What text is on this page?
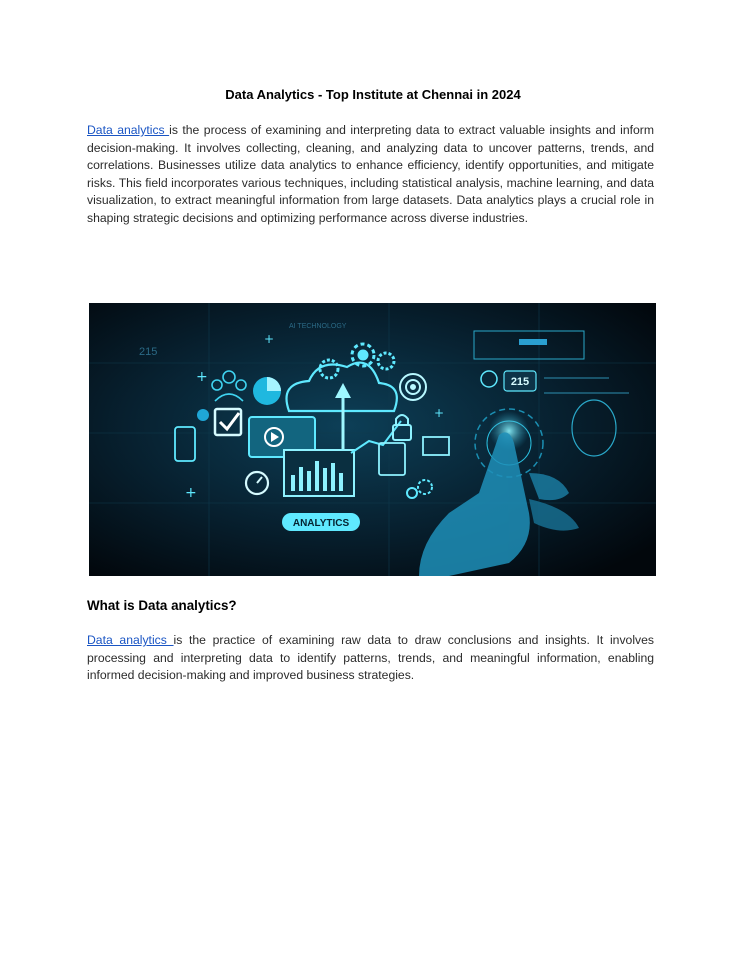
Data Analytics - Top Institute at Chennai in 2024
Data analytics is the process of examining and interpreting data to extract valuable insights and inform decision-making. It involves collecting, cleaning, and analyzing data to uncover patterns, trends, and correlations. Businesses utilize data analytics to enhance efficiency, identify opportunities, and mitigate risks. This field incorporates various techniques, including statistical analysis, machine learning, and data visualization, to extract meaningful information from large datasets. Data analytics plays a crucial role in shaping strategic decisions and optimizing performance across diverse industries.
ANALYTICS
215
AI TECHNOLOGY
215
+
+
+
+
What is Data analytics?
Data analytics is the practice of examining raw data to draw conclusions and insights. It involves processing and interpreting data to identify patterns, trends, and meaningful information, enabling informed decision-making and improved business strategies.
